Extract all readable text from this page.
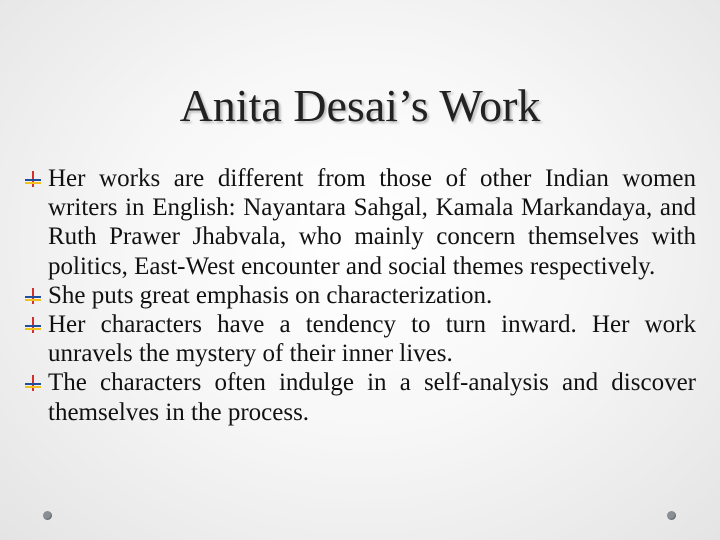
Anita Desai’s Work
Her works are different from those of other Indian women writers in English: Nayantara Sahgal, Kamala Markandaya, and Ruth Prawer Jhabvala, who mainly concern themselves with politics, East-West encounter and social themes respectively.
She puts great emphasis on characterization.
Her characters have a tendency to turn inward. Her work unravels the mystery of their inner lives.
The characters often indulge in a self-analysis and discover themselves in the process.
